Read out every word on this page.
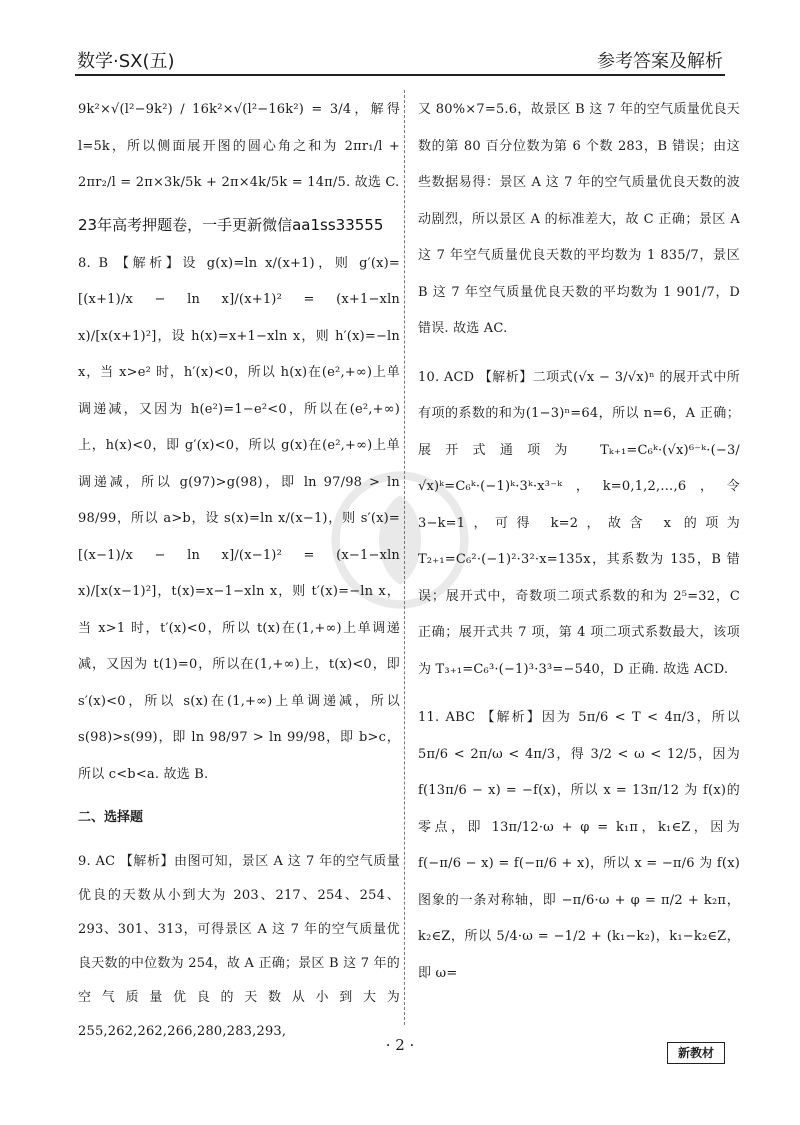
数学·SX(五)	参考答案及解析

9k²×√(l²−9k²) / 16k²×√(l²−16k²) = 3/4，解得 l=5k，所以侧面展开图的圆心角之和为 2πr₁/l + 2πr₂/l = 2π×3k/5k + 2π×4k/5k = 14π/5. 故选 C.

23年高考押题卷，一手更新微信aa1ss33555

8. B 【解析】设 g(x)=ln x/(x+1)，则 g′(x)=[(x+1)/x − ln x]/(x+1)² = (x+1−xln x)/[x(x+1)²]，设 h(x)=x+1−xln x，则 h′(x)=−ln x，当 x>e² 时，h′(x)<0，所以 h(x)在(e²,+∞)上单调递减，又因为 h(e²)=1−e²<0，所以在(e²,+∞)上，h(x)<0，即 g′(x)<0，所以 g(x)在(e²,+∞)上单调递减，所以 g(97)>g(98)，即 ln 97/98 > ln 98/99，所以 a>b，设 s(x)=ln x/(x−1)，则 s′(x)=[(x−1)/x − ln x]/(x−1)² = (x−1−xln x)/[x(x−1)²]，t(x)=x−1−xln x，则 t′(x)=−ln x，当 x>1 时，t′(x)<0，所以 t(x)在(1,+∞)上单调递减，又因为 t(1)=0，所以在(1,+∞)上，t(x)<0，即 s′(x)<0，所以 s(x)在(1,+∞)上单调递减，所以 s(98)>s(99)，即 ln 98/97 > ln 99/98，即 b>c，所以 c<b<a. 故选 B.

二、选择题

9. AC 【解析】由图可知，景区 A 这 7 年的空气质量优良的天数从小到大为 203、217、254、254、293、301、313，可得景区 A 这 7 年的空气质量优良天数的中位数为 254，故 A 正确；景区 B 这 7 年的空气质量优良的天数从小到大为 255,262,262,266,280,283,293,

又 80%×7=5.6，故景区 B 这 7 年的空气质量优良天数的第 80 百分位数为第 6 个数 283，B 错误；由这些数据易得：景区 A 这 7 年的空气质量优良天数的波动剧烈，所以景区 A 的标准差大，故 C 正确；景区 A 这 7 年空气质量优良天数的平均数为 1 835/7，景区 B 这 7 年空气质量优良天数的平均数为 1 901/7，D 错误. 故选 AC.

10. ACD 【解析】二项式(√x − 3/√x)ⁿ 的展开式中所有项的系数的和为(1−3)ⁿ=64，所以 n=6，A 正确；展开式通项为 Tₖ₊₁=C₆ᵏ·(√x)⁶⁻ᵏ·(−3/√x)ᵏ=C₆ᵏ·(−1)ᵏ·3ᵏ·x³⁻ᵏ，k=0,1,2,…,6，令 3−k=1，可得 k=2，故含 x 的项为 T₂₊₁=C₆²·(−1)²·3²·x=135x，其系数为 135，B 错误；展开式中，奇数项二项式系数的和为 2⁵=32，C 正确；展开式共 7 项，第 4 项二项式系数最大，该项为 T₃₊₁=C₆³·(−1)³·3³=−540，D 正确. 故选 ACD.

11. ABC 【解析】因为 5π/6 < T < 4π/3，所以 5π/6 < 2π/ω < 4π/3，得 3/2 < ω < 12/5，因为 f(13π/6 − x) = −f(x)，所以 x = 13π/12 为 f(x)的零点，即 13π/12·ω + φ = k₁π，k₁∈Z，因为 f(−π/6 − x) = f(−π/6 + x)，所以 x = −π/6 为 f(x)图象的一条对称轴，即 −π/6·ω + φ = π/2 + k₂π，k₂∈Z，所以 5/4·ω = −1/2 + (k₁−k₂)，k₁−k₂∈Z，即 ω=

· 2 ·	新教材
